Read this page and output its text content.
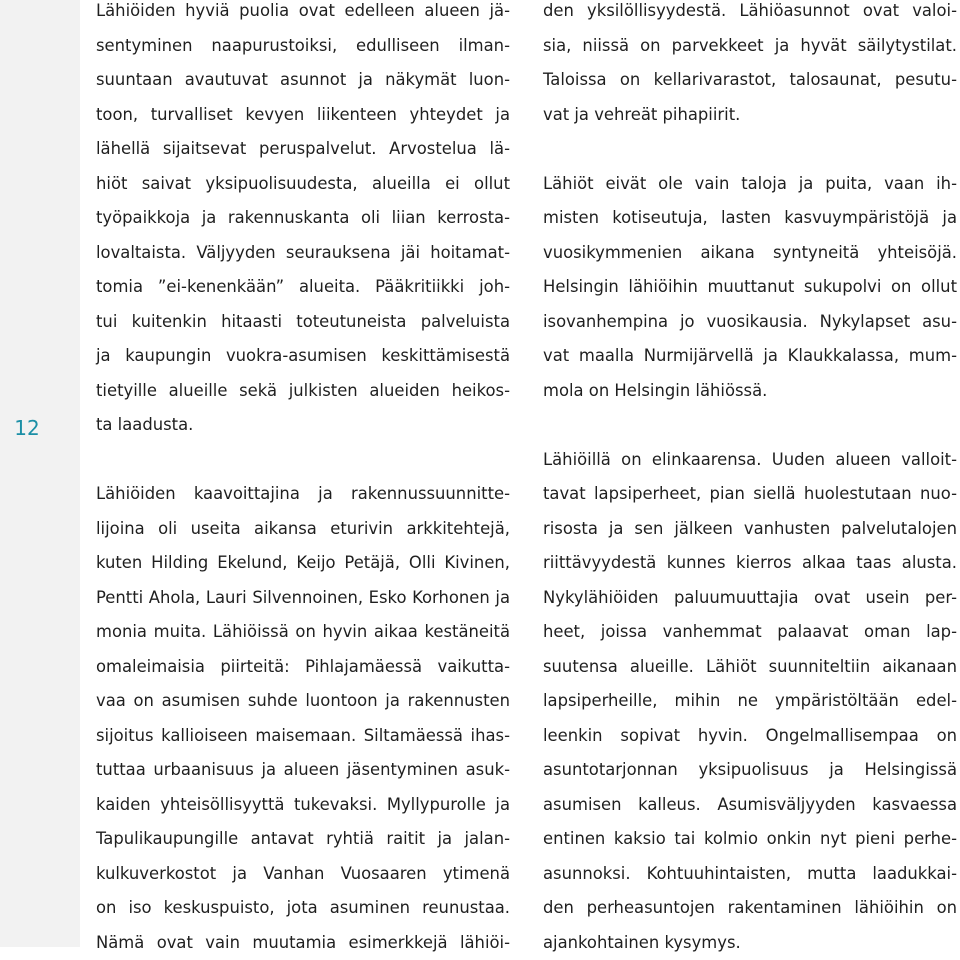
12
Lähiöiden hyviä puolia ovat edelleen alueen jä-
sentyminen naapurustoiksi, edulliseen ilman-
suuntaan avautuvat asunnot ja näkymät luon-
toon, turvalliset kevyen liikenteen yhteydet ja
lähellä sijaitsevat peruspalvelut. Arvostelua lä-
hiöt saivat yksipuolisuudesta, alueilla ei ollut
työpaikkoja ja rakennuskanta oli liian kerrosta-
lovaltaista. Väljyyden seurauksena jäi hoitamat-
tomia ”ei-kenenkään” alueita. Pääkritiikki joh-
tui kuitenkin hitaasti toteutuneista palveluista
ja kaupungin vuokra-asumisen keskittämisestä
tietyille alueille sekä julkisten alueiden heikos-
ta laadusta.
Lähiöiden kaavoittajina ja rakennussuunnitte-
lijoina oli useita aikansa eturivin arkkitehtejä,
kuten Hilding Ekelund, Keijo Petäjä, Olli Kivinen,
Pentti Ahola, Lauri Silvennoinen, Esko Korhonen ja
monia muita. Lähiöissä on hyvin aikaa kestäneitä
omaleimaisia piirteitä: Pihlajamäessä vaikutta-
vaa on asumisen suhde luontoon ja rakennusten
sijoitus kallioiseen maisemaan. Siltamäessä ihas-
tuttaa urbaanisuus ja alueen jäsentyminen asuk-
kaiden yhteisöllisyyttä tukevaksi. Myllypurolle ja
Tapulikaupungille antavat ryhtiä raitit ja jalan-
kulkuverkostot ja Vanhan Vuosaaren ytimenä
on iso keskuspuisto, jota asuminen reunustaa.
Nämä ovat vain muutamia esimerkkejä lähiöi-
den yksilöllisyydestä. Lähiöasunnot ovat valoi-
sia, niissä on parvekkeet ja hyvät säilytystilat.
Taloissa on kellarivarastot, talosaunat, pesutu-
vat ja vehreät pihapiirit.
Lähiöt eivät ole vain taloja ja puita, vaan ih-
misten kotiseutuja, lasten kasvuympäristöjä ja
vuosikymmenien aikana syntyneitä yhteisöjä.
Helsingin lähiöihin muuttanut sukupolvi on ollut
isovanhempina jo vuosikausia. Nykylapset asu-
vat maalla Nurmijärvellä ja Klaukkalassa, mum-
mola on Helsingin lähiössä.
Lähiöillä on elinkaarensa. Uuden alueen valloit-
tavat lapsiperheet, pian siellä huolestutaan nuo-
risosta ja sen jälkeen vanhusten palvelutalojen
riittävyydestä kunnes kierros alkaa taas alusta.
Nykylähiöiden paluumuuttajia ovat usein per-
heet, joissa vanhemmat palaavat oman lap-
suutensa alueille. Lähiöt suunniteltiin aikanaan
lapsiperheille, mihin ne ympäristöltään edel-
leenkin sopivat hyvin. Ongelmallisempaa on
asuntotarjonnan yksipuolisuus ja Helsingissä
asumisen kalleus. Asumisväljyyden kasvaessa
entinen kaksio tai kolmio onkin nyt pieni perhe-
asunnoksi. Kohtuuhintaisten, mutta laadukkai-
den perheasuntojen rakentaminen lähiöihin on
ajankohtainen kysymys.
